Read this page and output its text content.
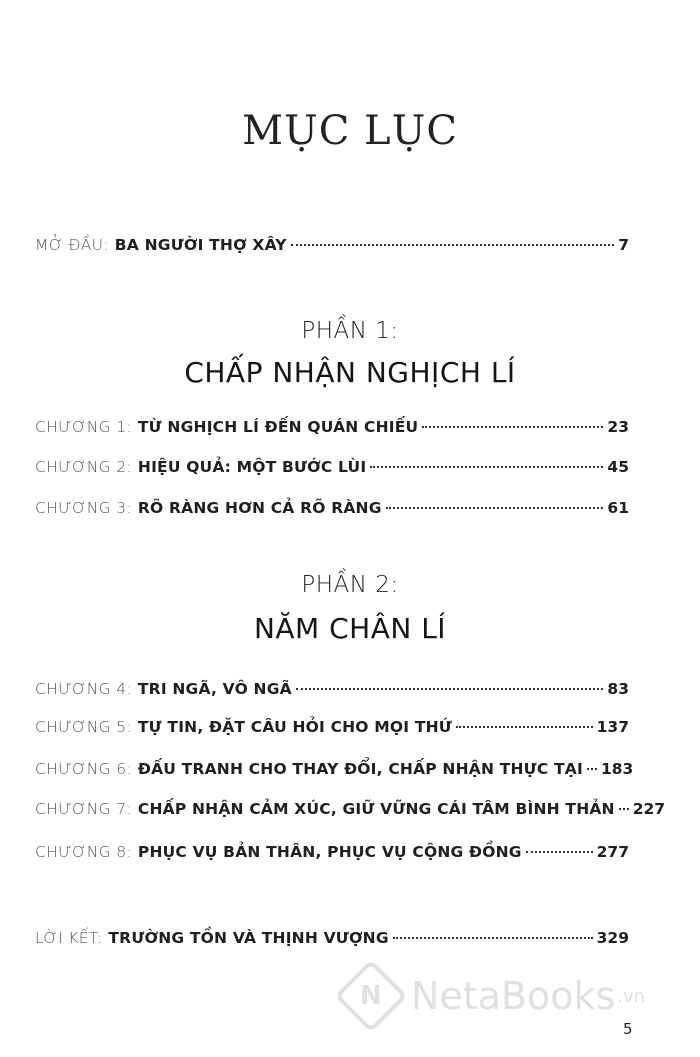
MỤC LỤC
MỞ ĐẦU: BA NGƯỜI THỢ XÂY	7
PHẦN 1:
CHẤP NHẬN NGHỊCH LÍ
CHƯƠNG 1: TỪ NGHỊCH LÍ ĐẾN QUÁN CHIẾU	23
CHƯƠNG 2: HIỆU QUẢ: MỘT BƯỚC LÙI	45
CHƯƠNG 3: RÕ RÀNG HƠN CẢ RÕ RÀNG	61
PHẦN 2:
NĂM CHÂN LÍ
CHƯƠNG 4: TRI NGÃ, VÔ NGÃ	83
CHƯƠNG 5: TỰ TIN, ĐẶT CÂU HỎI CHO MỌI THỨ	137
CHƯƠNG 6: ĐẤU TRANH CHO THAY ĐỔI, CHẤP NHẬN THỰC TẠI 183
CHƯƠNG 7: CHẤP NHẬN CẢM XÚC, GIỮ VỮNG CÁI TÂM BÌNH THẢN 227
CHƯƠNG 8: PHỤC VỤ BẢN THÂN, PHỤC VỤ CỘNG ĐỒNG	277
LỜI KẾT: TRƯỜNG TỒN VÀ THỊNH VƯỢNG	329
N NetaBooks .vn
5
